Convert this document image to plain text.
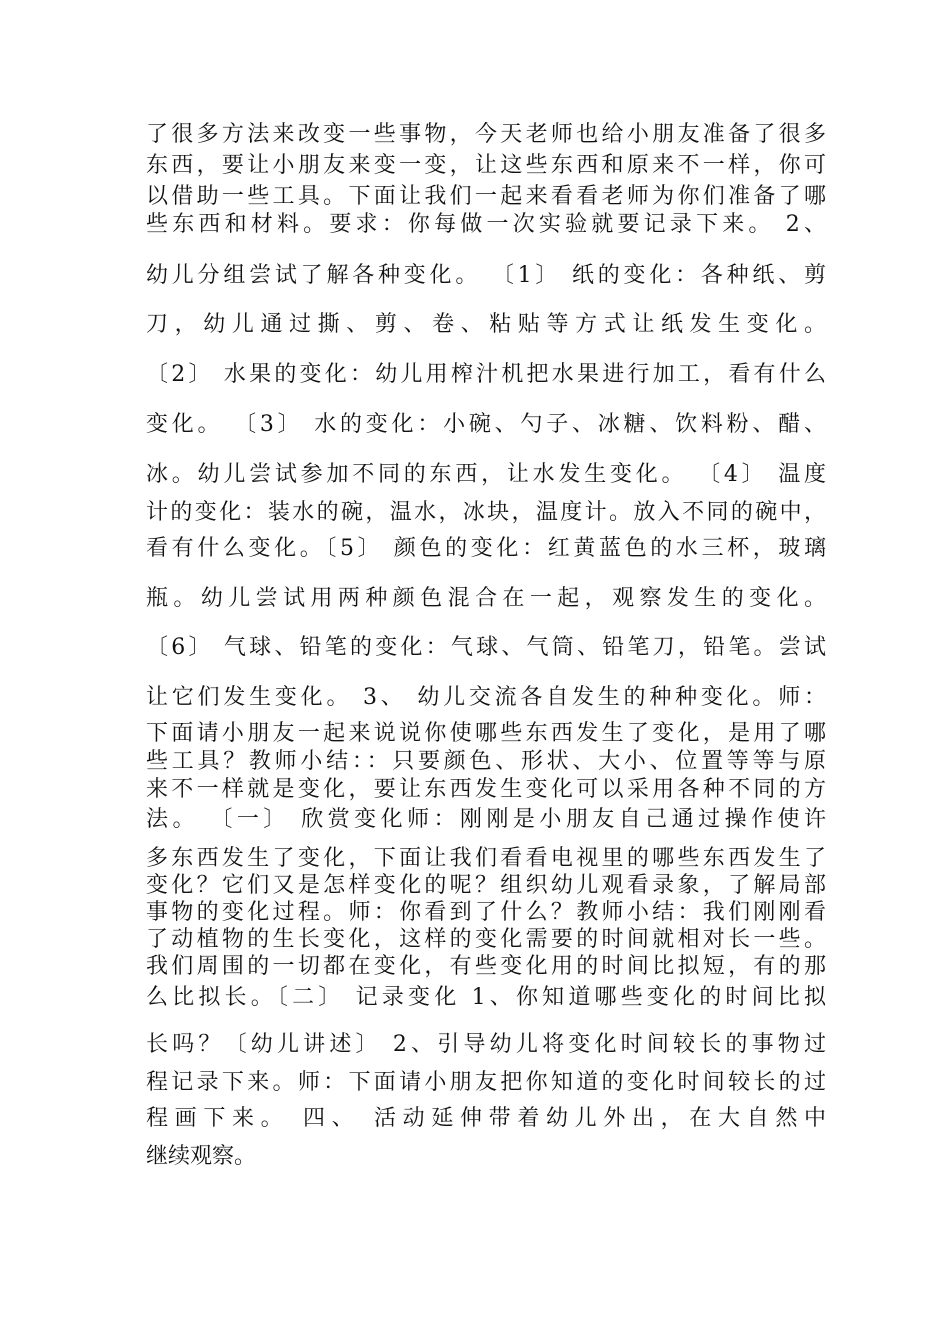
了很多方法来改变一些事物，今天老师也给小朋友准备了很多
东西，要让小朋友来变一变，让这些东西和原来不一样，你可
以借助一些工具。下面让我们一起来看看老师为你们准备了哪
些东西和材料。要求：你每做一次实验就要记录下来。 2、
幼儿分组尝试了解各种变化。 〔1〕 纸的变化：各种纸、剪
刀，幼儿通过撕、剪、卷、粘贴等方式让纸发生变化。
〔2〕 水果的变化：幼儿用榨汁机把水果进行加工，看有什么
变化。 〔3〕 水的变化：小碗、勺子、冰糖、饮料粉、醋、
冰。幼儿尝试参加不同的东西，让水发生变化。 〔4〕 温度
计的变化：装水的碗，温水，冰块，温度计。放入不同的碗中，
看有什么变化。〔5〕 颜色的变化：红黄蓝色的水三杯，玻璃
瓶。幼儿尝试用两种颜色混合在一起，观察发生的变化。
〔6〕 气球、铅笔的变化：气球、气筒、铅笔刀，铅笔。尝试
让它们发生变化。 3、 幼儿交流各自发生的种种变化。师：
下面请小朋友一起来说说你使哪些东西发生了变化，是用了哪
些工具？教师小结：：只要颜色、形状、大小、位置等等与原
来不一样就是变化，要让东西发生变化可以采用各种不同的方
法。 〔一〕 欣赏变化师：刚刚是小朋友自己通过操作使许
多东西发生了变化，下面让我们看看电视里的哪些东西发生了
变化？它们又是怎样变化的呢？组织幼儿观看录象，了解局部
事物的变化过程。师：你看到了什么？教师小结：我们刚刚看
了动植物的生长变化，这样的变化需要的时间就相对长一些。
我们周围的一切都在变化，有些变化用的时间比拟短，有的那
么比拟长。〔二〕 记录变化 1、你知道哪些变化的时间比拟
长吗？〔幼儿讲述〕 2、引导幼儿将变化时间较长的事物过
程记录下来。师：下面请小朋友把你知道的变化时间较长的过
程画下来。 四、 活动延伸带着幼儿外出，在大自然中
继续观察。
